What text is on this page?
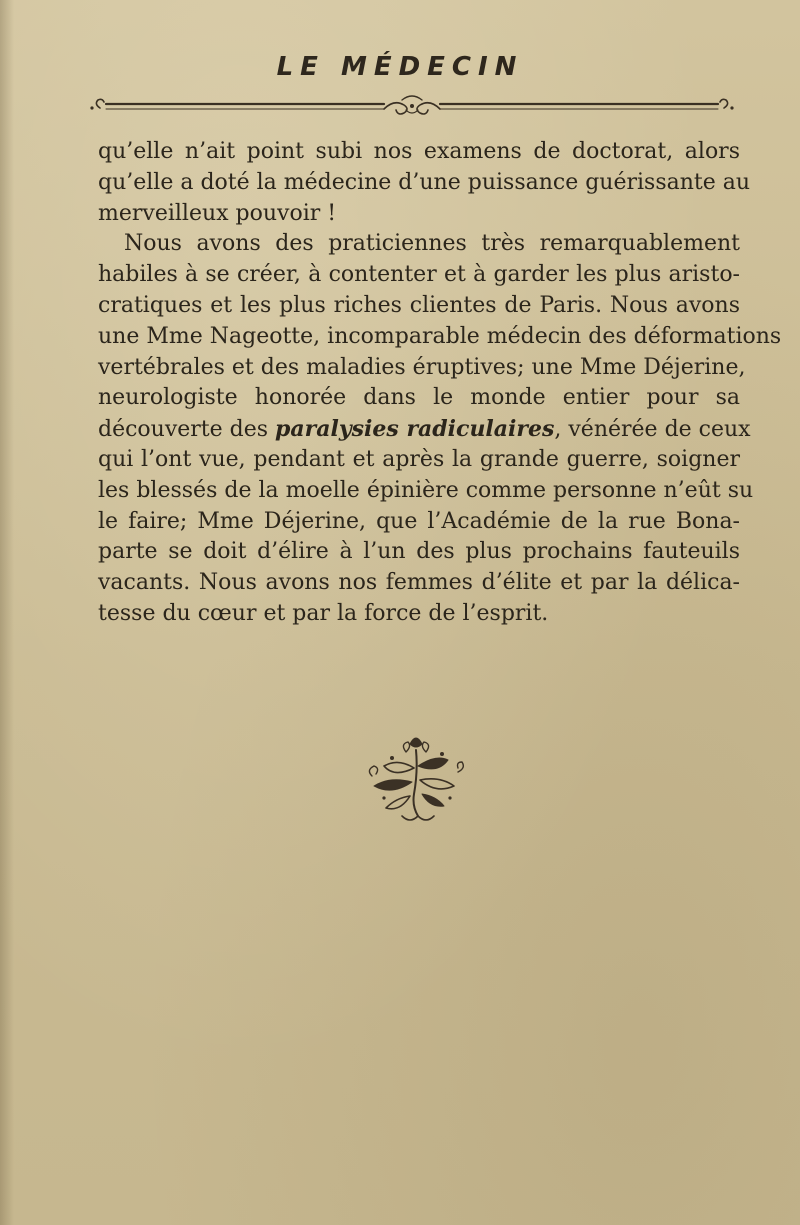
LE MÉDECIN
qu’elle n’ait point subi nos examens de doctorat, alors
qu’elle a doté la médecine d’une puissance guérissante au
merveilleux pouvoir !
Nous avons des praticiennes très remarquablement
habiles à se créer, à contenter et à garder les plus aristo-
cratiques et les plus riches clientes de Paris. Nous avons
une Mme Nageotte, incomparable médecin des déformations
vertébrales et des maladies éruptives; une Mme Déjerine,
neurologiste honorée dans le monde entier pour sa
découverte des paralysies radiculaires, vénérée de ceux
qui l’ont vue, pendant et après la grande guerre, soigner
les blessés de la moelle épinière comme personne n’eût su
le faire; Mme Déjerine, que l’Académie de la rue Bona-
parte se doit d’élire à l’un des plus prochains fauteuils
vacants. Nous avons nos femmes d’élite et par la délica-
tesse du cœur et par la force de l’esprit.
